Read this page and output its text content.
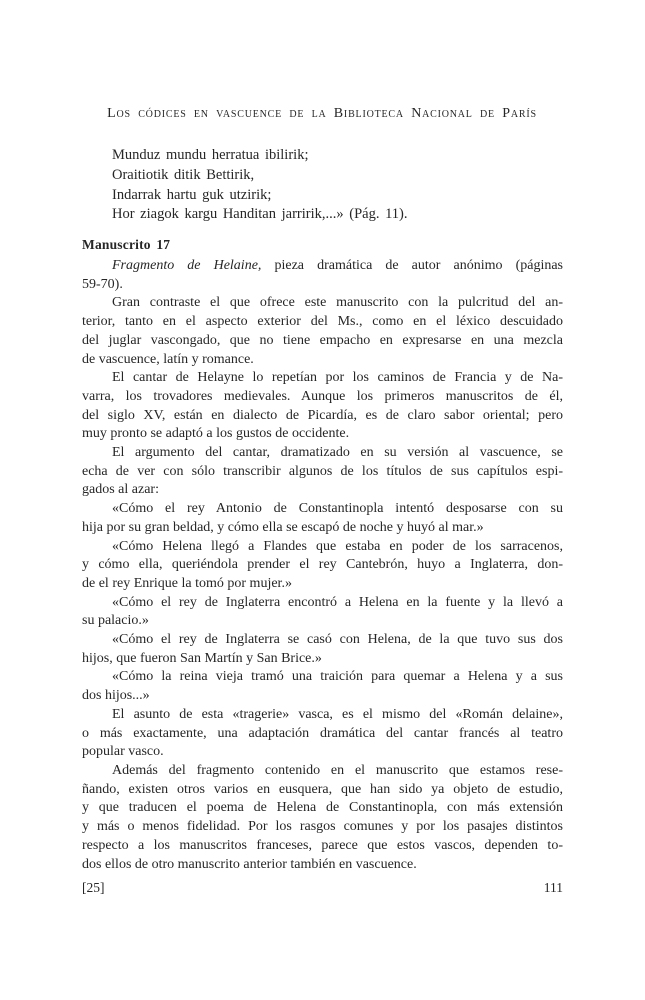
Los códices en vascuence de la Biblioteca Nacional de París
Munduz mundu herratua ibilirik;
Oraitiotik ditik Bettirik,
Indarrak hartu guk utzirik;
Hor ziagok kargu Handitan jarririk,...» (Pág. 11).
Manuscrito 17
Fragmento de Helaine, pieza dramática de autor anónimo (páginas
59-70).
Gran contraste el que ofrece este manuscrito con la pulcritud del an-
terior, tanto en el aspecto exterior del Ms., como en el léxico descuidado
del juglar vascongado, que no tiene empacho en expresarse en una mezcla
de vascuence, latín y romance.
El cantar de Helayne lo repetían por los caminos de Francia y de Na-
varra, los trovadores medievales. Aunque los primeros manuscritos de él,
del siglo XV, están en dialecto de Picardía, es de claro sabor oriental; pero
muy pronto se adaptó a los gustos de occidente.
El argumento del cantar, dramatizado en su versión al vascuence, se
echa de ver con sólo transcribir algunos de los títulos de sus capítulos espi-
gados al azar:
«Cómo el rey Antonio de Constantinopla intentó desposarse con su
hija por su gran beldad, y cómo ella se escapó de noche y huyó al mar.»
«Cómo Helena llegó a Flandes que estaba en poder de los sarracenos,
y cómo ella, queriéndola prender el rey Cantebrón, huyo a Inglaterra, don-
de el rey Enrique la tomó por mujer.»
«Cómo el rey de Inglaterra encontró a Helena en la fuente y la llevó a
su palacio.»
«Cómo el rey de Inglaterra se casó con Helena, de la que tuvo sus dos
hijos, que fueron San Martín y San Brice.»
«Cómo la reina vieja tramó una traición para quemar a Helena y a sus
dos hijos...»
El asunto de esta «tragerie» vasca, es el mismo del «Román delaine»,
o más exactamente, una adaptación dramática del cantar francés al teatro
popular vasco.
Además del fragmento contenido en el manuscrito que estamos rese-
ñando, existen otros varios en eusquera, que han sido ya objeto de estudio,
y que traducen el poema de Helena de Constantinopla, con más extensión
y más o menos fidelidad. Por los rasgos comunes y por los pasajes distintos
respecto a los manuscritos franceses, parece que estos vascos, dependen to-
dos ellos de otro manuscrito anterior también en vascuence.
[25]	111
